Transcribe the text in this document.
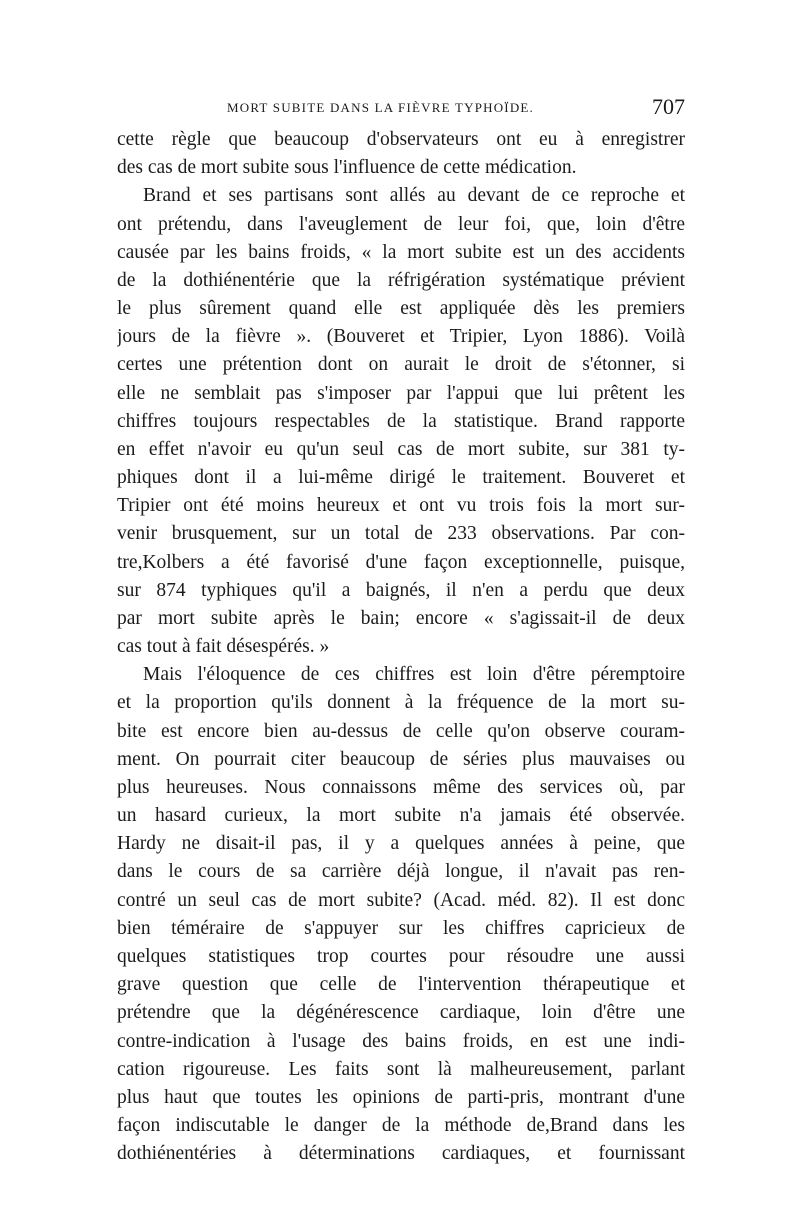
MORT SUBITE DANS LA FIÈVRE TYPHOÏDE.	707
cette règle que beaucoup d'observateurs ont eu à enregistrer
des cas de mort subite sous l'influence de cette médication.
Brand et ses partisans sont allés au devant de ce reproche et
ont prétendu, dans l'aveuglement de leur foi, que, loin d'être
causée par les bains froids, « la mort subite est un des accidents
de la dothiénentérie que la réfrigération systématique prévient
le plus sûrement quand elle est appliquée dès les premiers
jours de la fièvre ». (Bouveret et Tripier, Lyon 1886). Voilà
certes une prétention dont on aurait le droit de s'étonner, si
elle ne semblait pas s'imposer par l'appui que lui prêtent les
chiffres toujours respectables de la statistique. Brand rapporte
en effet n'avoir eu qu'un seul cas de mort subite, sur 381 ty-
phiques dont il a lui-même dirigé le traitement. Bouveret et
Tripier ont été moins heureux et ont vu trois fois la mort sur-
venir brusquement, sur un total de 233 observations. Par con-
tre,Kolbers a été favorisé d'une façon exceptionnelle, puisque,
sur 874 typhiques qu'il a baignés, il n'en a perdu que deux
par mort subite après le bain; encore « s'agissait-il de deux
cas tout à fait désespérés. »
Mais l'éloquence de ces chiffres est loin d'être péremptoire
et la proportion qu'ils donnent à la fréquence de la mort su-
bite est encore bien au-dessus de celle qu'on observe couram-
ment. On pourrait citer beaucoup de séries plus mauvaises ou
plus heureuses. Nous connaissons même des services où, par
un hasard curieux, la mort subite n'a jamais été observée.
Hardy ne disait-il pas, il y a quelques années à peine, que
dans le cours de sa carrière déjà longue, il n'avait pas ren-
contré un seul cas de mort subite? (Acad. méd. 82). Il est donc
bien téméraire de s'appuyer sur les chiffres capricieux de
quelques statistiques trop courtes pour résoudre une aussi
grave question que celle de l'intervention thérapeutique et
prétendre que la dégénérescence cardiaque, loin d'être une
contre-indication à l'usage des bains froids, en est une indi-
cation rigoureuse. Les faits sont là malheureusement, parlant
plus haut que toutes les opinions de parti-pris, montrant d'une
façon indiscutable le danger de la méthode de,Brand dans les
dothiénentéries à déterminations cardiaques, et fournissant
